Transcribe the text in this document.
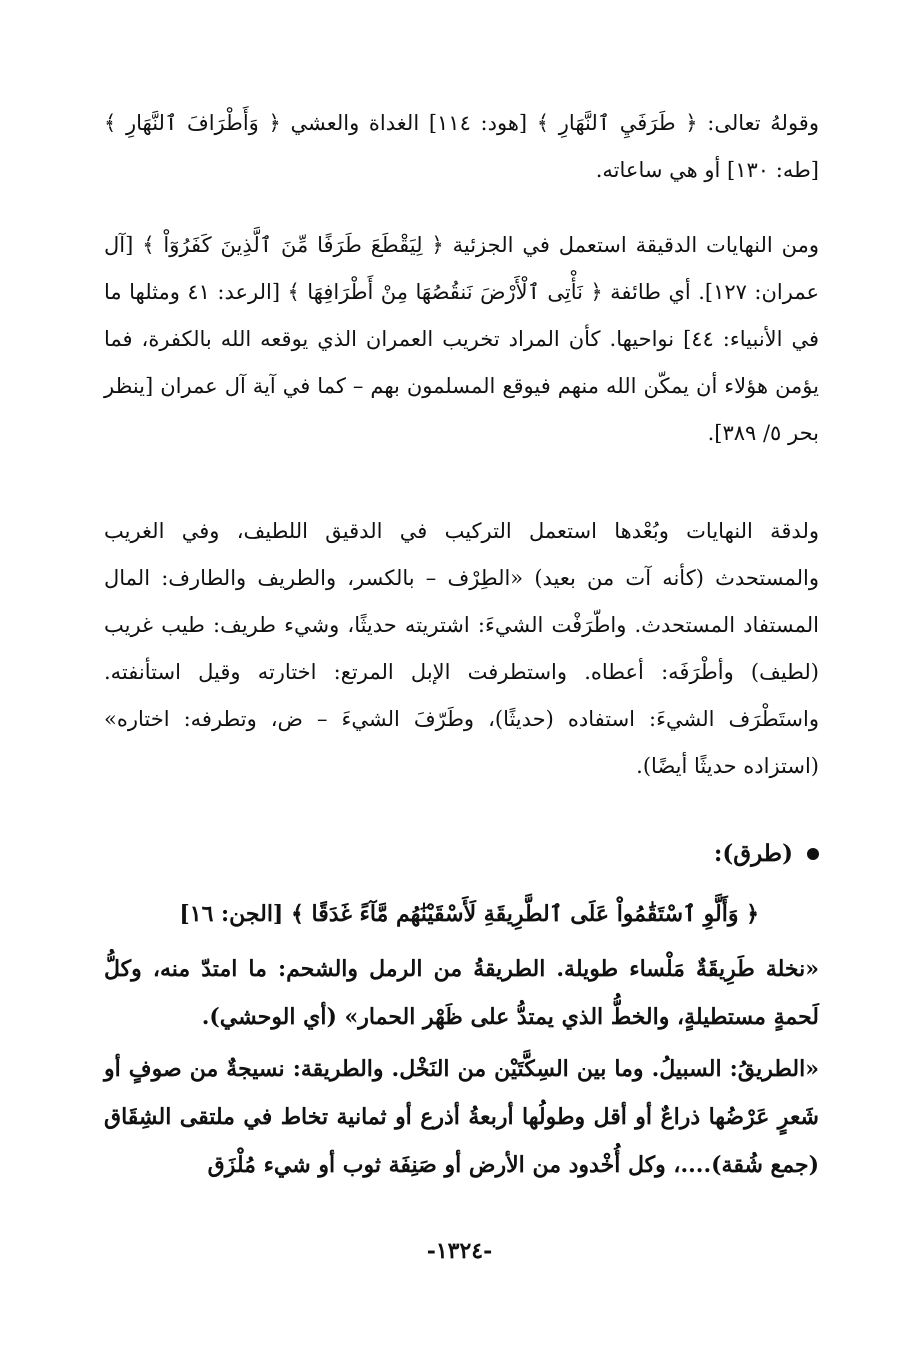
وقولهُ تعالى: ﴿ طَرَفَيِ ٱلنَّهَارِ ﴾ [هود: ١١٤] الغداة والعشي ﴿ وَأَطْرَافَ ٱلنَّهَارِ ﴾ [طه: ١٣٠] أو هي ساعاته.
ومن النهايات الدقيقة استعمل في الجزئية ﴿ لِيَقْطَعَ طَرَفًا مِّنَ ٱلَّذِينَ كَفَرُوٓاْ ﴾ [آل عمران: ١٢٧]. أي طائفة ﴿ نَأْتِى ٱلْأَرْضَ نَنقُصُهَا مِنْ أَطْرَافِهَا ﴾ [الرعد: ٤١ ومثلها ما في الأنبياء: ٤٤] نواحيها. كأن المراد تخريب العمران الذي يوقعه الله بالكفرة، فما يؤمن هؤلاء أن يمكّن الله منهم فيوقع المسلمون بهم – كما في آية آل عمران [ينظر بحر ٥/ ٣٨٩].
ولدقة النهايات وبُعْدها استعمل التركيب في الدقيق اللطيف، وفي الغريب والمستحدث (كأنه آت من بعيد) «الطِرْف – بالكسر، والطريف والطارف: المال المستفاد المستحدث. واطّرَفْت الشيءَ: اشتريته حديثًا، وشيء طريف: طيب غريب (لطيف) وأطْرَفَه: أعطاه. واستطرفت الإبل المرتع: اختارته وقيل استأنفته. واستَطْرَف الشيءَ: استفاده (حديثًا)، وطَرّفَ الشيءَ – ض، وتطرفه: اختاره» (استزاده حديثًا أيضًا).
(طرق):
﴿ وَأَلَّوِ ٱسْتَقَٰمُواْ عَلَى ٱلطَّرِيقَةِ لَأَسْقَيْنَٰهُم مَّآءً غَدَقًا ﴾ [الجن: ١٦]
«نخلة طَرِيقَةٌ مَلْساء طويلة. الطريقةُ من الرمل والشحم: ما امتدّ منه، وكلُّ لَحمةٍ مستطيلةٍ، والخطُّ الذي يمتدُّ على ظَهْر الحمار» (أي الوحشي).
«الطريقُ: السبيلُ. وما بين السِكَّتَيْن من النَخْل. والطريقة: نسيجةٌ من صوفٍ أو شَعرٍ عَرْضُها ذراعٌ أو أقل وطولُها أربعةُ أذرع أو ثمانية تخاط في ملتقى الشِقَاق (جمع شُقة)....، وكل أُخْدود من الأرض أو صَنِفَة ثوب أو شيء مُلْزَق
-١٣٢٤-
